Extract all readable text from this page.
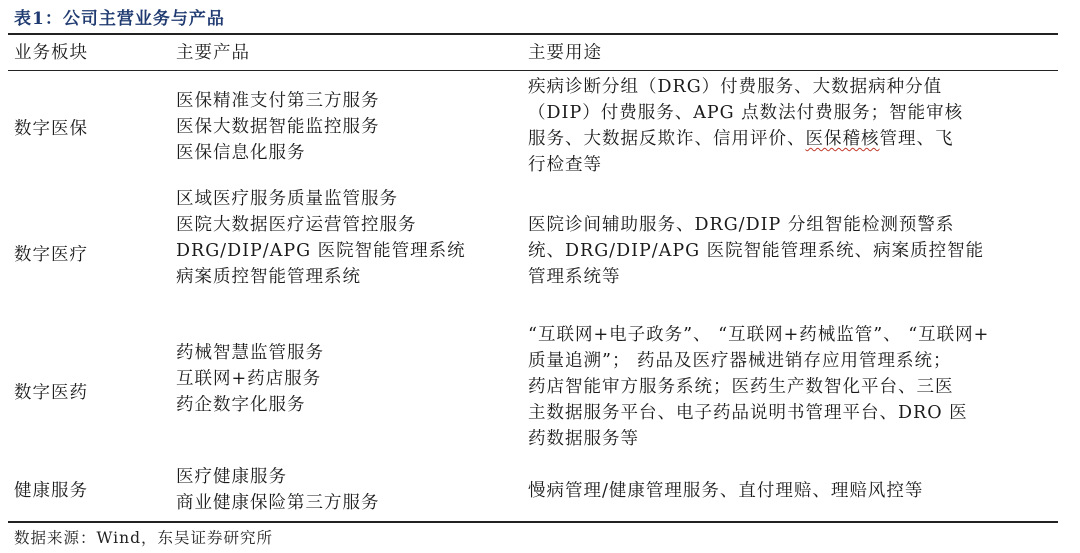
表1：公司主营业务与产品
业务板块	主要产品	主要用途
数字医保
医保精准支付第三方服务
医保大数据智能监控服务
医保信息化服务
疾病诊断分组（DRG）付费服务、大数据病种分值
（DIP）付费服务、APG 点数法付费服务；智能审核
服务、大数据反欺诈、信用评价、医保稽核管理、飞
行检查等
数字医疗
区域医疗服务质量监管服务
医院大数据医疗运营管控服务
DRG/DIP/APG 医院智能管理系统
病案质控智能管理系统
医院诊间辅助服务、DRG/DIP 分组智能检测预警系
统、DRG/DIP/APG 医院智能管理系统、病案质控智能
管理系统等
数字医药
药械智慧监管服务
互联网+药店服务
药企数字化服务
“互联网+电子政务”、 “互联网+药械监管”、 “互联网+
质量追溯”； 药品及医疗器械进销存应用管理系统；
药店智能审方服务系统；医药生产数智化平台、三医
主数据服务平台、电子药品说明书管理平台、DRO 医
药数据服务等
健康服务
医疗健康服务
商业健康保险第三方服务
慢病管理/健康管理服务、直付理赔、理赔风控等
数据来源：Wind，东吴证券研究所
